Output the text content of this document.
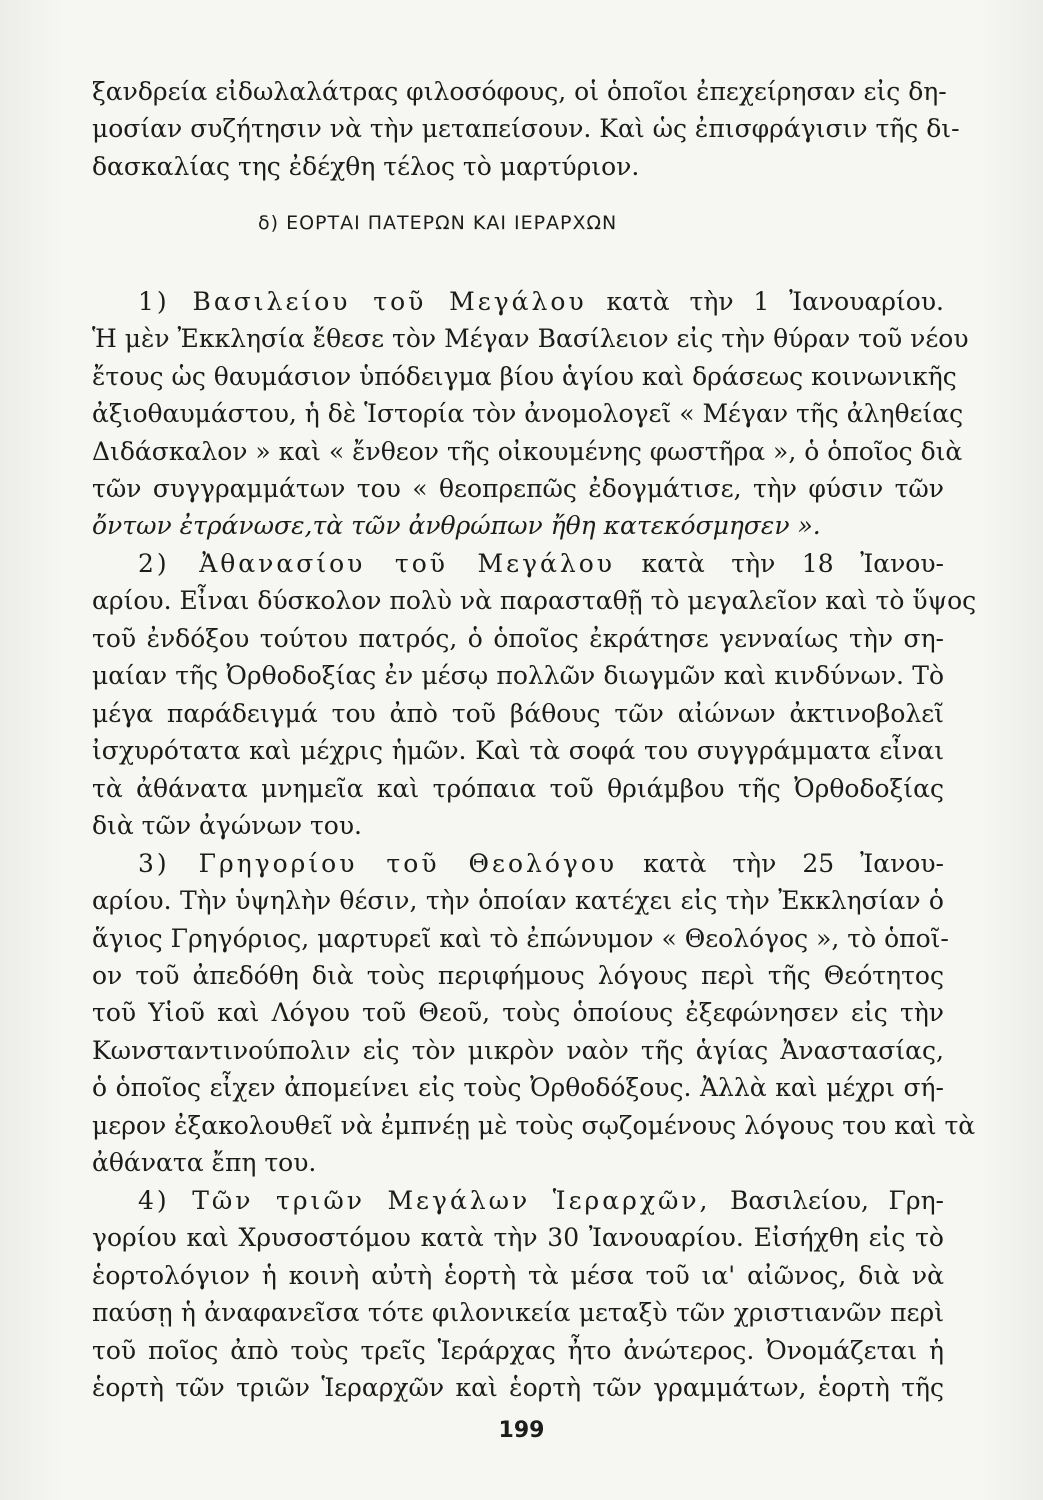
ξανδρεία εἰδωλαλάτρας φιλοσόφους, οἱ ὁποῖοι ἐπεχείρησαν εἰς δη-
μοσίαν συζήτησιν νὰ τὴν μεταπείσουν. Καὶ ὡς ἐπισφράγισιν τῆς δι-
δασκαλίας της ἐδέχθη τέλος τὸ μαρτύριον.
δ) ΕΟΡΤΑΙ ΠΑΤΕΡΩΝ ΚΑΙ ΙΕΡΑΡΧΩΝ
1) Βασιλείου τοῦ Μεγάλου κατὰ τὴν 1 Ἰανουαρίου.
Ἡ μὲν Ἐκκλησία ἔθεσε τὸν Μέγαν Βασίλειον εἰς τὴν θύραν τοῦ νέου
ἔτους ὡς θαυμάσιον ὑπόδειγμα βίου ἁγίου καὶ δράσεως κοινωνικῆς
ἀξιοθαυμάστου, ἡ δὲ Ἱστορία τὸν ἀνομολογεῖ « Μέγαν τῆς ἀληθείας
Διδάσκαλον » καὶ « ἔνθεον τῆς οἰκουμένης φωστῆρα », ὁ ὁποῖος διὰ
τῶν συγγραμμάτων του « θεοπρεπῶς ἐδογμάτισε, τὴν φύσιν τῶν
ὄντων ἐτράνωσε,τὰ τῶν ἀνθρώπων ἤθη κατεκόσμησεν ».
2) Ἀθανασίου τοῦ Μεγάλου κατὰ τὴν 18 Ἰανου-
αρίου. Εἶναι δύσκολον πολὺ νὰ παρασταθῇ τὸ μεγαλεῖον καὶ τὸ ὕψος
τοῦ ἐνδόξου τούτου πατρός, ὁ ὁποῖος ἐκράτησε γενναίως τὴν ση-
μαίαν τῆς Ὀρθοδοξίας ἐν μέσῳ πολλῶν διωγμῶν καὶ κινδύνων. Τὸ
μέγα παράδειγμά του ἀπὸ τοῦ βάθους τῶν αἰώνων ἀκτινοβολεῖ
ἰσχυρότατα καὶ μέχρις ἡμῶν. Καὶ τὰ σοφά του συγγράμματα εἶναι
τὰ ἀθάνατα μνημεῖα καὶ τρόπαια τοῦ θριάμβου τῆς Ὀρθοδοξίας
διὰ τῶν ἀγώνων του.
3) Γρηγορίου τοῦ Θεολόγου κατὰ τὴν 25 Ἰανου-
αρίου. Τὴν ὑψηλὴν θέσιν, τὴν ὁποίαν κατέχει εἰς τὴν Ἐκκλησίαν ὁ
ἅγιος Γρηγόριος, μαρτυρεῖ καὶ τὸ ἐπώνυμον « Θεολόγος », τὸ ὁποῖ-
ον τοῦ ἀπεδόθη διὰ τοὺς περιφήμους λόγους περὶ τῆς Θεότητος
τοῦ Υἱοῦ καὶ Λόγου τοῦ Θεοῦ, τοὺς ὁποίους ἐξεφώνησεν εἰς τὴν
Κωνσταντινούπολιν εἰς τὸν μικρὸν ναὸν τῆς ἁγίας Ἀναστασίας,
ὁ ὁποῖος εἶχεν ἀπομείνει εἰς τοὺς Ὀρθοδόξους. Ἀλλὰ καὶ μέχρι σή-
μερον ἐξακολουθεῖ νὰ ἐμπνέῃ μὲ τοὺς σῳζομένους λόγους του καὶ τὰ
ἀθάνατα ἔπη του.
4) Τῶν τριῶν Μεγάλων Ἱεραρχῶν, Βασιλείου, Γρη-
γορίου καὶ Χρυσοστόμου κατὰ τὴν 30 Ἰανουαρίου. Εἰσήχθη εἰς τὸ
ἑορτολόγιον ἡ κοινὴ αὐτὴ ἑορτὴ τὰ μέσα τοῦ ια' αἰῶνος, διὰ νὰ
199
παύσῃ ἡ ἀναφανεῖσα τότε φιλονικεία μεταξὺ τῶν χριστιανῶν περὶ
τοῦ ποῖος ἀπὸ τοὺς τρεῖς Ἱεράρχας ἦτο ἀνώτερος. Ὀνομάζεται ἡ
ἑορτὴ τῶν τριῶν Ἱεραρχῶν καὶ ἑορτὴ τῶν γραμμάτων, ἑορτὴ τῆς
